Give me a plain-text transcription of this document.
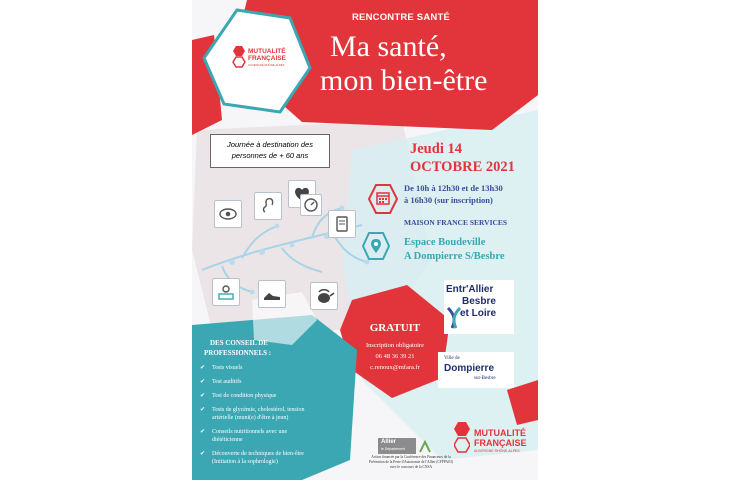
RENCONTRE SANTÉ
Ma santé,
mon bien-être
MUTUALITÉ
FRANÇAISE
AUVERGNE RHÔNE-ALPES
Journée à destination des
personnes de + 60 ans	Jeudi 14
OCTOBRE 2021
De 10h à 12h30 et de 13h30
à 16h30 (sur inscription)
MAISON FRANCE SERVICES
Espace Boudeville
A Dompierre S/Besbre
GRATUIT
Inscription obligatoire
06 48 36 39 21
c.renoux@mfara.fr
DES CONSEIL DE
PROFESSIONNELS :
✔ Tests visuels
✔ Test auditifs
✔ Test de condition physique
✔ Tests de glycémie, cholestérol, tension artérielle (muni(e) d'être à jeun)
✔ Conseils nutritionnels avec une diététicienne
✔ Découverte de techniques de bien-être (Initiation à la sophrologie)
Entr'Allier
Besbre
et Loire
Ville de
Dompierre
sur-Besbre
Allier
le Département
Action financée par la Conférence des Financeurs de la Prévention de la Perte d'Autonomie de l'Allier (CFPPA03) avec le concours de la CNSA
MUTUALITÉ
FRANÇAISE
AUVERGNE RHÔNE-ALPES
